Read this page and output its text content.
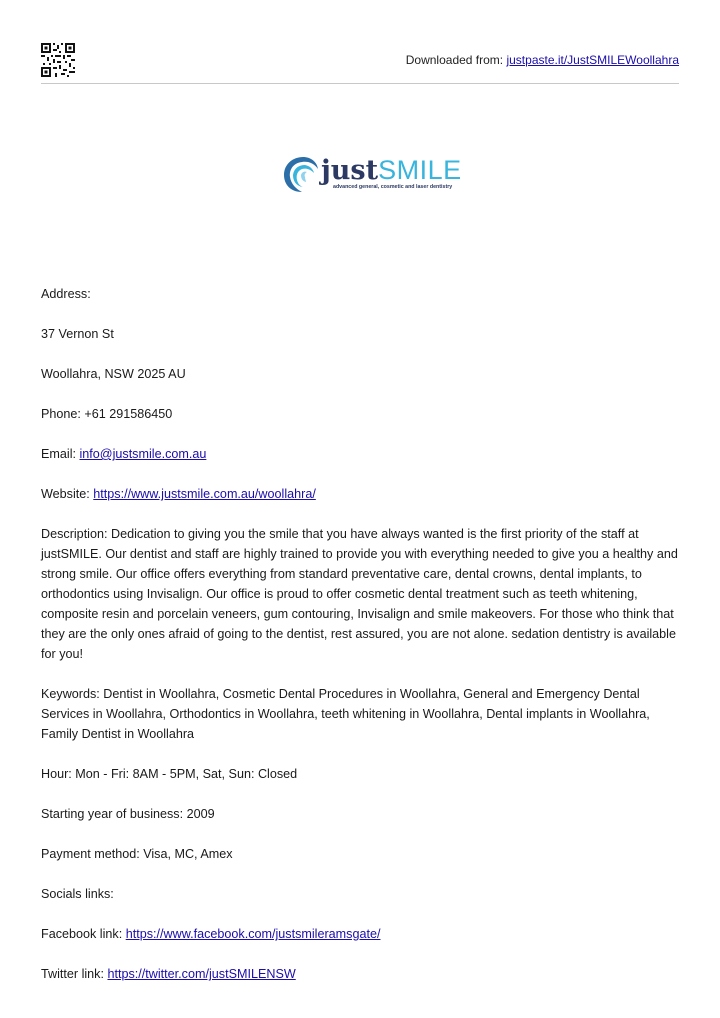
Downloaded from: justpaste.it/JustSMILEWoollahra
justSMILE
advanced general, cosmetic and laser dentistry

Address:

37 Vernon St

Woollahra, NSW 2025 AU

Phone: +61 291586450

Email: info@justsmile.com.au

Website: https://www.justsmile.com.au/woollahra/

Description: Dedication to giving you the smile that you have always wanted is the first priority of the staff at justSMILE. Our dentist and staff are highly trained to provide you with everything needed to give you a healthy and strong smile. Our office offers everything from standard preventative care, dental crowns, dental implants, to orthodontics using Invisalign. Our office is proud to offer cosmetic dental treatment such as teeth whitening, composite resin and porcelain veneers, gum contouring, Invisalign and smile makeovers. For those who think that they are the only ones afraid of going to the dentist, rest assured, you are not alone. sedation dentistry is available for you!

Keywords: Dentist in Woollahra, Cosmetic Dental Procedures in Woollahra, General and Emergency Dental Services in Woollahra, Orthodontics in Woollahra, teeth whitening in Woollahra, Dental implants in Woollahra, Family Dentist in Woollahra

Hour: Mon - Fri: 8AM - 5PM, Sat, Sun: Closed

Starting year of business: 2009

Payment method: Visa, MC, Amex

Socials links:

Facebook link: https://www.facebook.com/justsmileramsgate/

Twitter link: https://twitter.com/justSMILENSW
